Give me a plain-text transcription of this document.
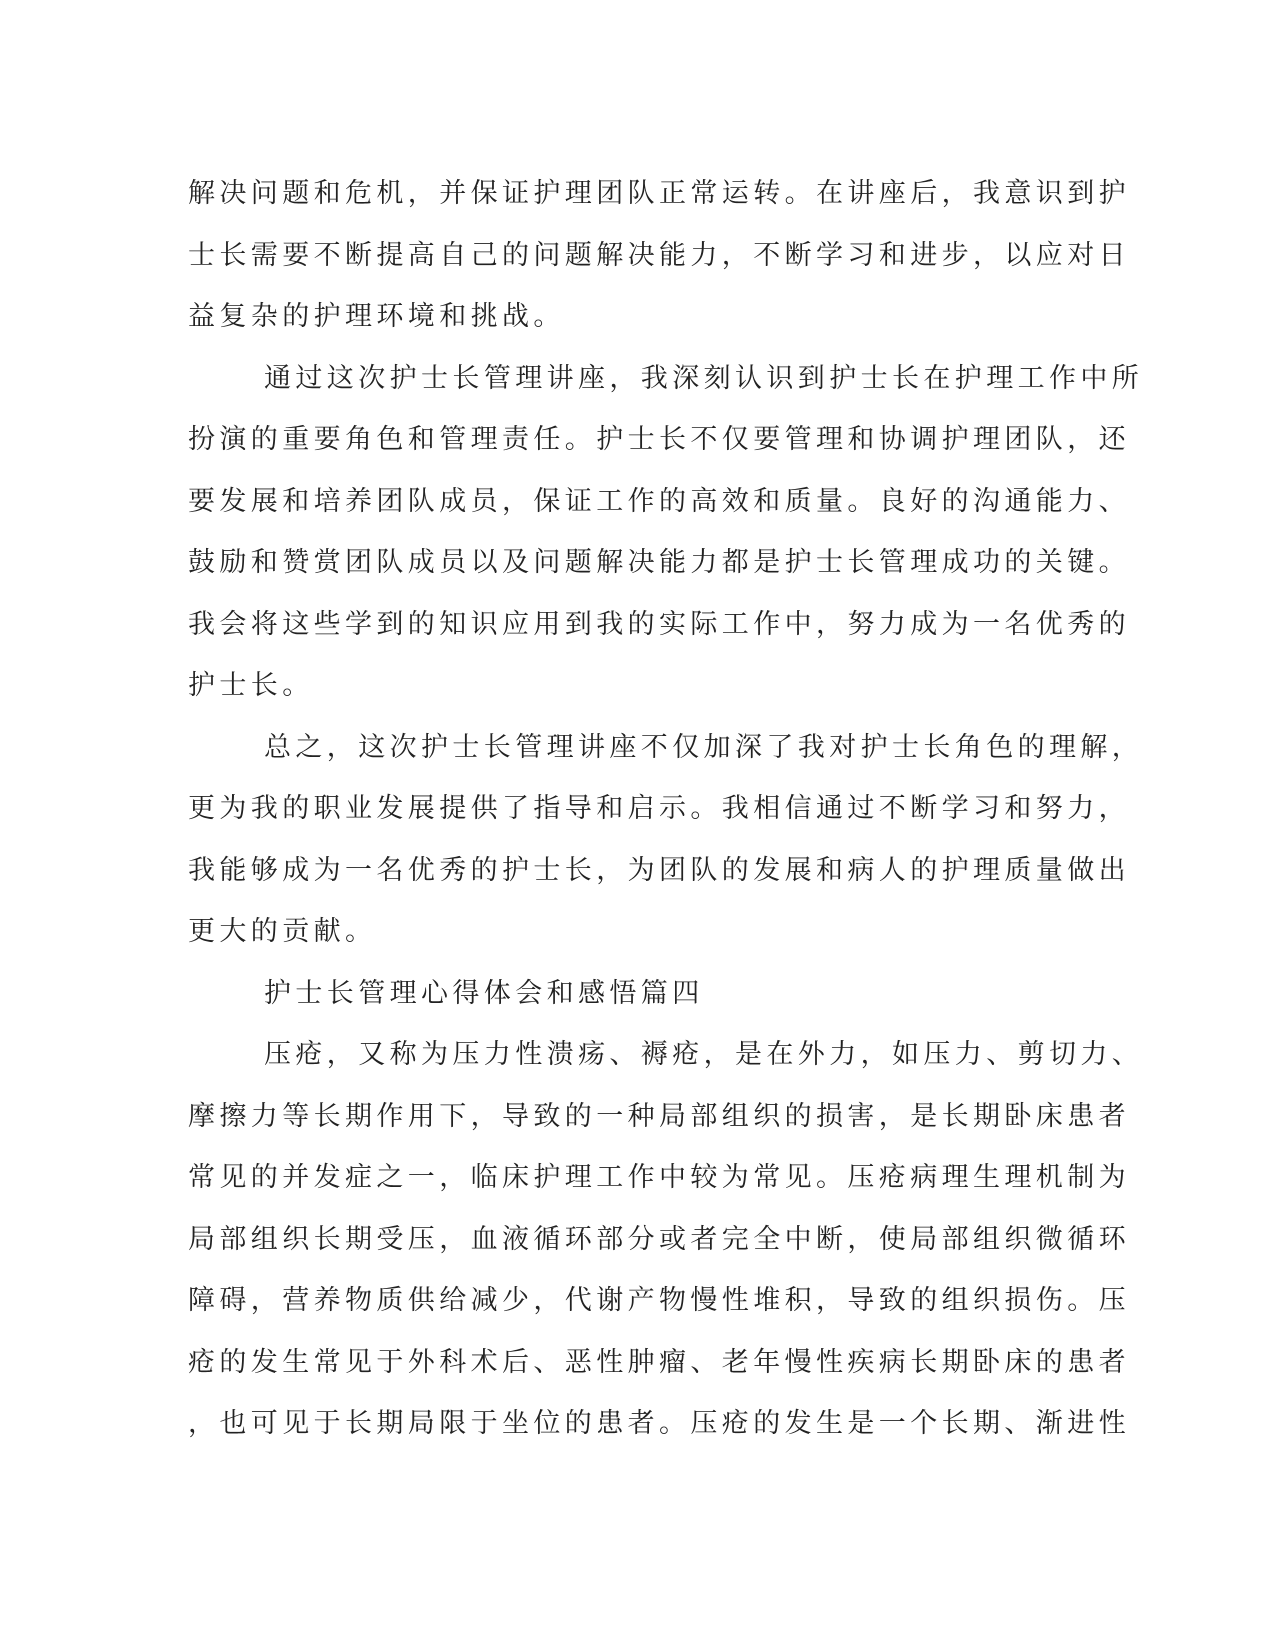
解决问题和危机，并保证护理团队正常运转。在讲座后，我意识到护
士长需要不断提高自己的问题解决能力，不断学习和进步，以应对日
益复杂的护理环境和挑战。
通过这次护士长管理讲座，我深刻认识到护士长在护理工作中所
扮演的重要角色和管理责任。护士长不仅要管理和协调护理团队，还
要发展和培养团队成员，保证工作的高效和质量。良好的沟通能力、
鼓励和赞赏团队成员以及问题解决能力都是护士长管理成功的关键。
我会将这些学到的知识应用到我的实际工作中，努力成为一名优秀的
护士长。
总之，这次护士长管理讲座不仅加深了我对护士长角色的理解，
更为我的职业发展提供了指导和启示。我相信通过不断学习和努力，
我能够成为一名优秀的护士长，为团队的发展和病人的护理质量做出
更大的贡献。
护士长管理心得体会和感悟篇四
压疮，又称为压力性溃疡、褥疮，是在外力，如压力、剪切力、
摩擦力等长期作用下，导致的一种局部组织的损害，是长期卧床患者
常见的并发症之一，临床护理工作中较为常见。压疮病理生理机制为
局部组织长期受压，血液循环部分或者完全中断，使局部组织微循环
障碍，营养物质供给减少，代谢产物慢性堆积，导致的组织损伤。压
疮的发生常见于外科术后、恶性肿瘤、老年慢性疾病长期卧床的患者
，也可见于长期局限于坐位的患者。压疮的发生是一个长期、渐进性
